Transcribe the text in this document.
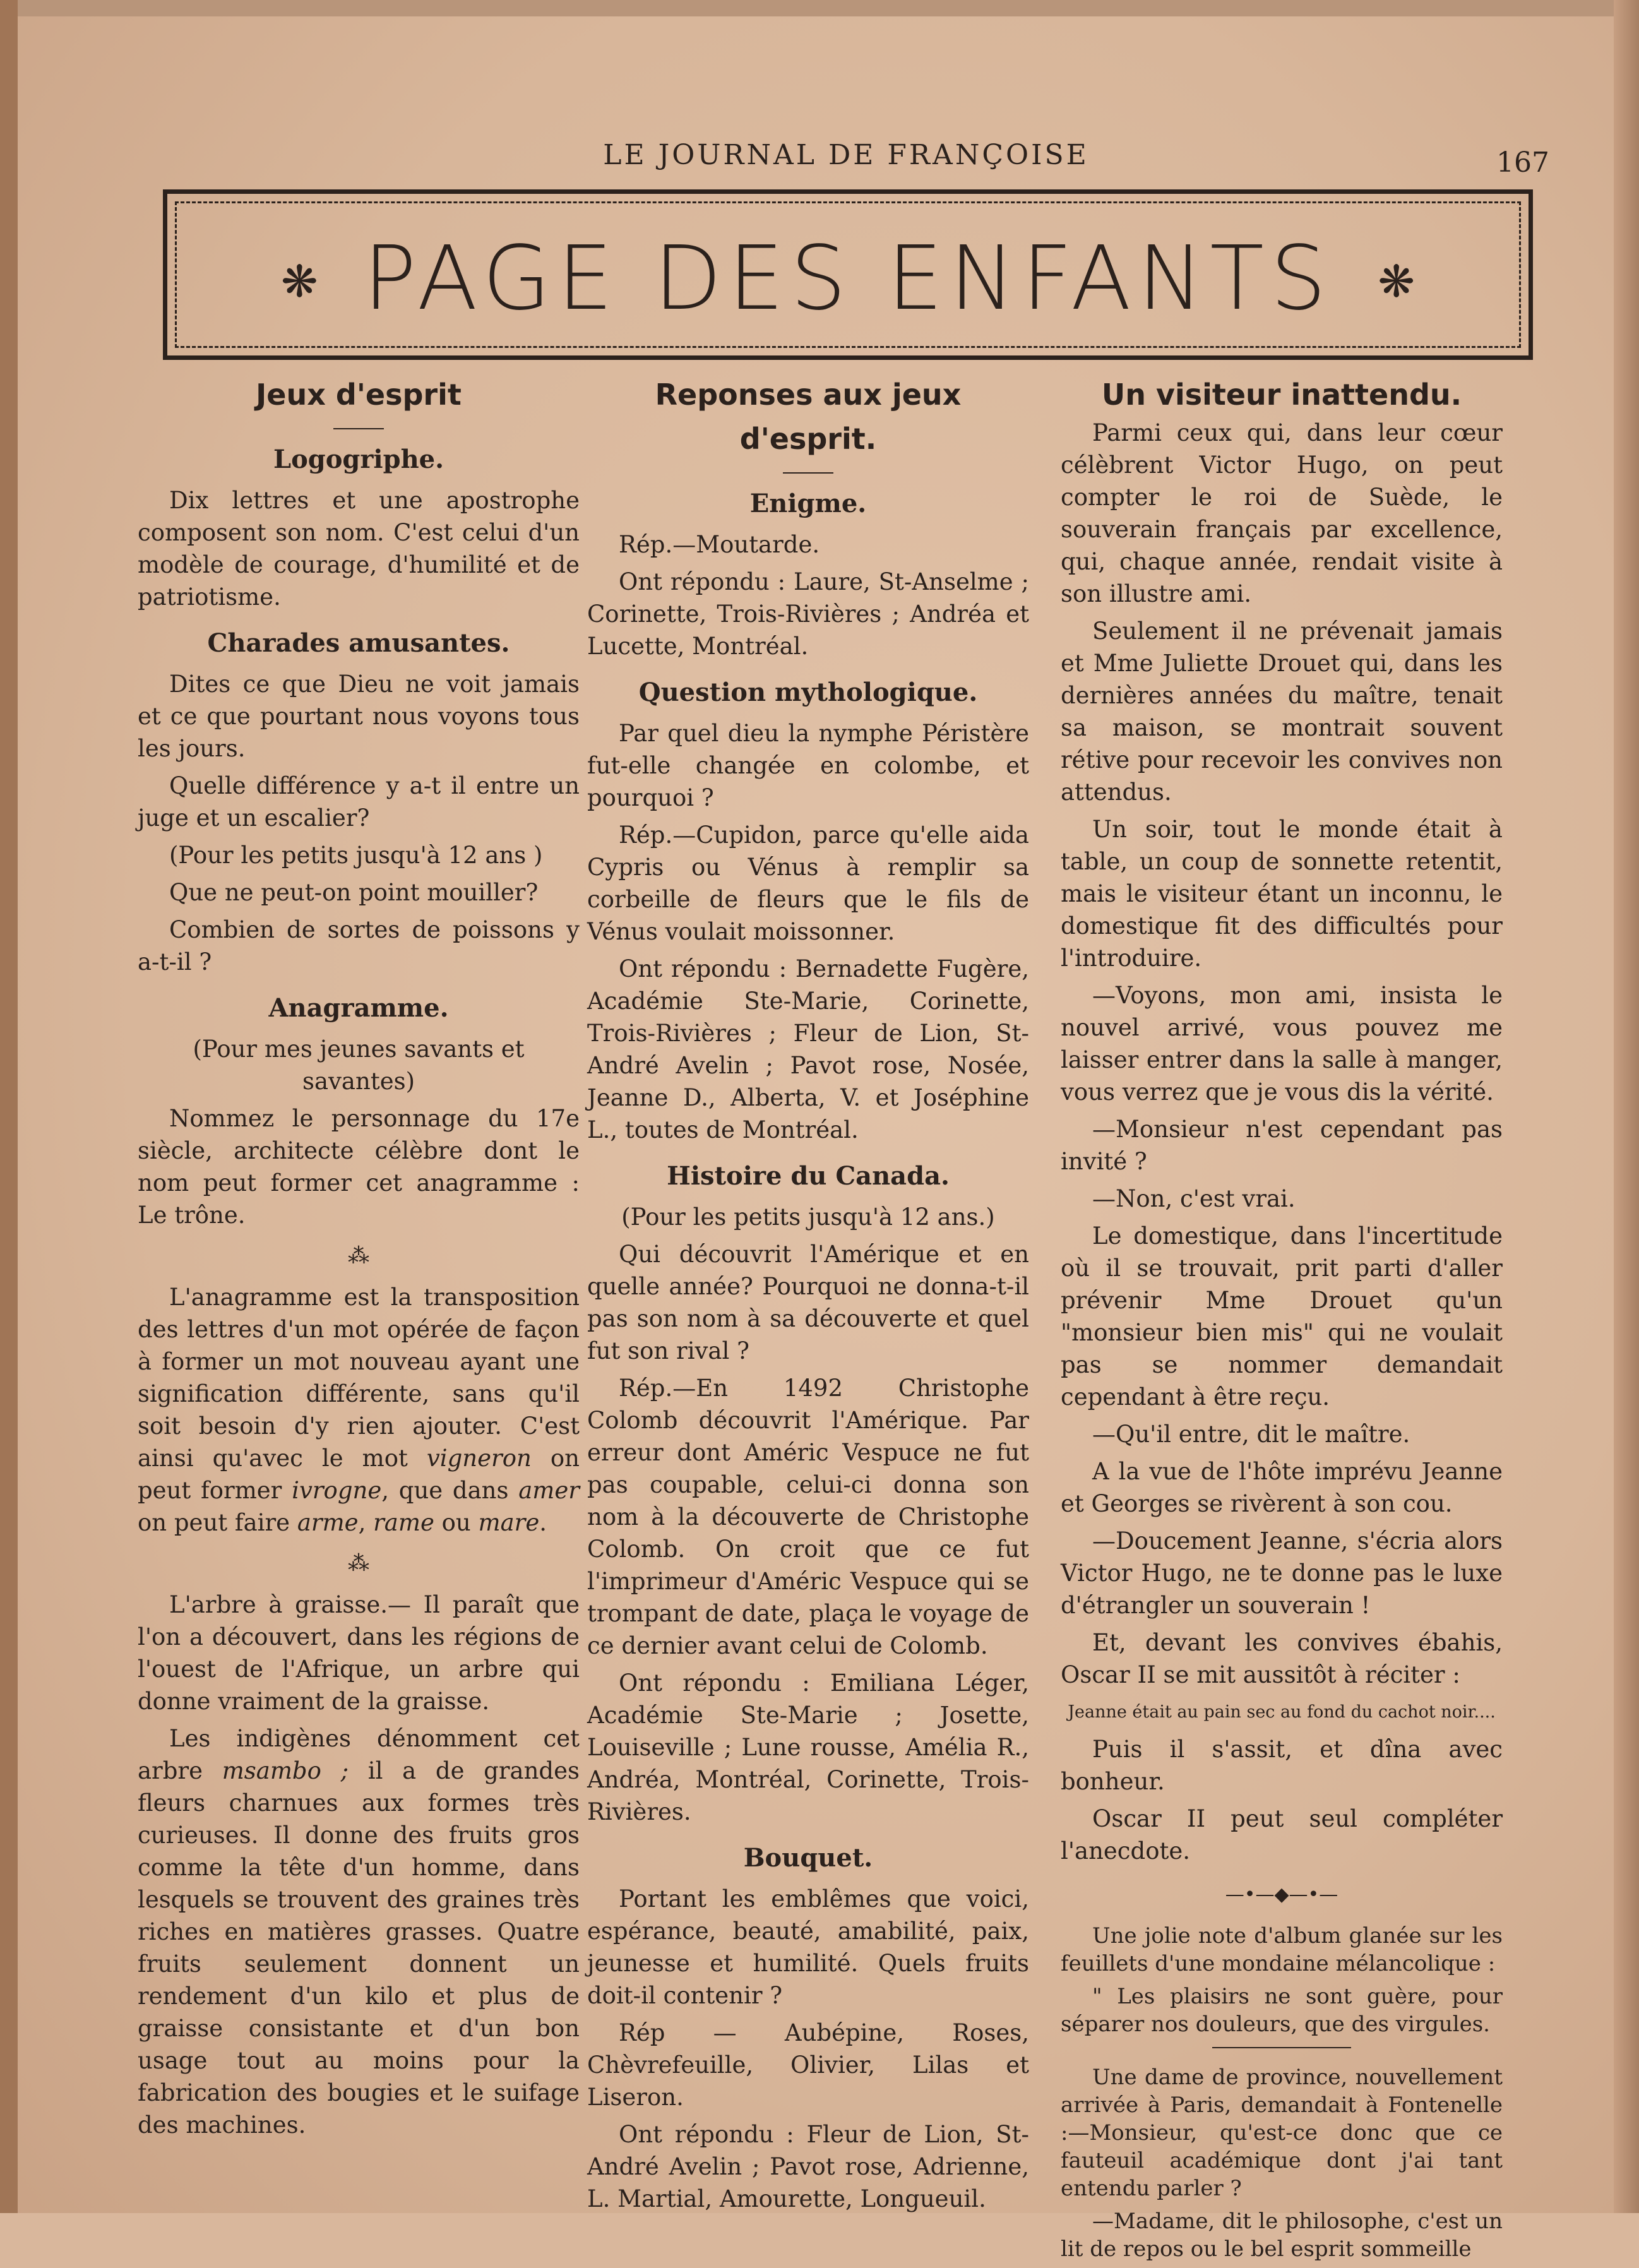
LE JOURNAL DE FRANÇOISE	167
❋ PAGE DES ENFANTS	❋
Jeux d'esprit
Logogriphe.

Dix lettres et une apostrophe composent son nom. C'est celui d'un modèle de courage, d'humilité et de patriotisme.

Charades amusantes.

Dites ce que Dieu ne voit jamais et ce que pourtant nous voyons tous les jours.

Quelle différence y a-t il entre un juge et un escalier?

(Pour les petits jusqu'à 12 ans )

Que ne peut-on point mouiller?

Combien de sortes de poissons y a-t-il ?

Anagramme.

(Pour mes jeunes savants et savantes)

Nommez le personnage du 17e siècle, architecte célèbre dont le nom peut former cet anagramme : Le trône.

⁂

L'anagramme est la transposition des lettres d'un mot opérée de façon à former un mot nouveau ayant une signification différente, sans qu'il soit besoin d'y rien ajouter. C'est ainsi qu'avec le mot vigneron on peut former ivrogne, que dans amer on peut faire arme, rame ou mare.

⁂

L'arbre à graisse.— Il paraît que l'on a découvert, dans les régions de l'ouest de l'Afrique, un arbre qui donne vraiment de la graisse.

Les indigènes dénomment cet arbre msambo ; il a de grandes fleurs charnues aux formes très curieuses. Il donne des fruits gros comme la tête d'un homme, dans lesquels se trouvent des graines très riches en matières grasses. Quatre fruits seulement donnent un rendement d'un kilo et plus de graisse consistante et d'un bon usage tout au moins pour la fabrication des bougies et le suifage des machines.

Reponses aux jeux d'esprit.
Enigme.

Rép.—Moutarde.

Ont répondu : Laure, St-Anselme ; Corinette, Trois-Rivières ; Andréa et Lucette, Montréal.

Question mythologique.

Par quel dieu la nymphe Péristère fut-elle changée en colombe, et pourquoi ?

Rép.—Cupidon, parce qu'elle aida Cypris ou Vénus à remplir sa corbeille de fleurs que le fils de Vénus voulait moissonner.

Ont répondu : Bernadette Fugère, Académie Ste-Marie, Corinette, Trois-Rivières ; Fleur de Lion, St-André Avelin ; Pavot rose, Nosée, Jeanne D., Alberta, V. et Joséphine L., toutes de Montréal.

Histoire du Canada.

(Pour les petits jusqu'à 12 ans.)

Qui découvrit l'Amérique et en quelle année? Pourquoi ne donna-t-il pas son nom à sa découverte et quel fut son rival ?

Rép.—En 1492 Christophe Colomb découvrit l'Amérique. Par erreur dont Améric Vespuce ne fut pas coupable, celui-ci donna son nom à la découverte de Christophe Colomb. On croit que ce fut l'imprimeur d'Améric Vespuce qui se trompant de date, plaça le voyage de ce dernier avant celui de Colomb.

Ont répondu : Emiliana Léger, Académie Ste-Marie ; Josette, Louiseville ; Lune rousse, Amélia R., Andréa, Montréal, Corinette, Trois-Rivières.

Bouquet.

Portant les emblêmes que voici, espérance, beauté, amabilité, paix, jeunesse et humilité. Quels fruits doit-il contenir ?

Rép — Aubépine, Roses, Chèvrefeuille, Olivier, Lilas et Liseron.

Ont répondu : Fleur de Lion, St-André Avelin ; Pavot rose, Adrienne, L. Martial, Amourette, Longueuil.

Un visiteur inattendu.

Parmi ceux qui, dans leur cœur célèbrent Victor Hugo, on peut compter le roi de Suède, le souverain français par excellence, qui, chaque année, rendait visite à son illustre ami.

Seulement il ne prévenait jamais et Mme Juliette Drouet qui, dans les dernières années du maître, tenait sa maison, se montrait souvent rétive pour recevoir les convives non attendus.

Un soir, tout le monde était à table, un coup de sonnette retentit, mais le visiteur étant un inconnu, le domestique fit des difficultés pour l'introduire.

—Voyons, mon ami, insista le nouvel arrivé, vous pouvez me laisser entrer dans la salle à manger, vous verrez que je vous dis la vérité.

—Monsieur n'est cependant pas invité ?

—Non, c'est vrai.

Le domestique, dans l'incertitude où il se trouvait, prit parti d'aller prévenir Mme Drouet qu'un "monsieur bien mis" qui ne voulait pas se nommer demandait cependant à être reçu.

—Qu'il entre, dit le maître.

A la vue de l'hôte imprévu Jeanne et Georges se rivèrent à son cou.

—Doucement Jeanne, s'écria alors Victor Hugo, ne te donne pas le luxe d'étrangler un souverain !

Et, devant les convives ébahis, Oscar II se mit aussitôt à réciter :

Jeanne était au pain sec au fond du cachot noir....

Puis il s'assit, et dîna avec bonheur.

Oscar II peut seul compléter l'anecdote.

—•—◆—•—

Une jolie note d'album glanée sur les feuillets d'une mondaine mélancolique :

" Les plaisirs ne sont guère, pour séparer nos douleurs, que des virgules.

Une dame de province, nouvellement arrivée à Paris, demandait à Fontenelle :—Monsieur, qu'est-ce donc que ce fauteuil académique dont j'ai tant entendu parler ?

—Madame, dit le philosophe, c'est un lit de repos ou le bel esprit sommeille
